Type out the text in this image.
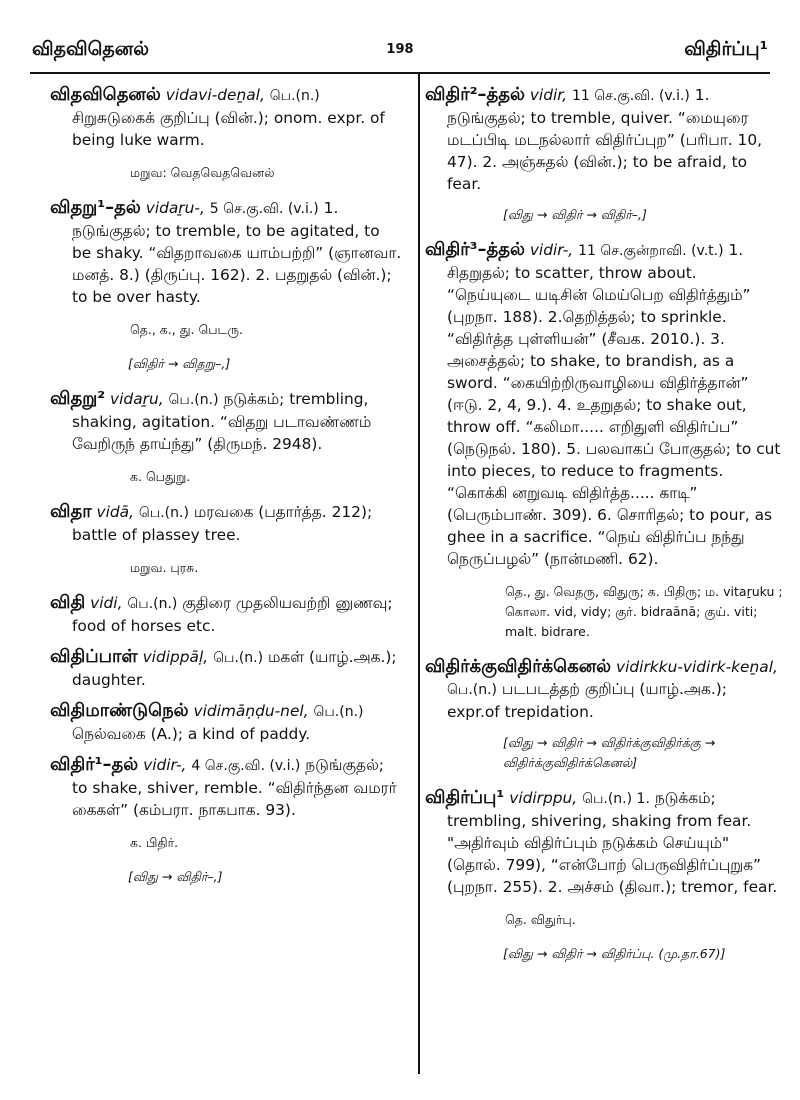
விதவிதெனல்	198	விதிர்ப்பு¹
விதவிதெனல் vidavi-deṉal, பெ.(n.) சிறுசுடுகைக் குறிப்பு (வின்.); onom. expr. of being luke warm.
மறுவ: வெதவெதவெனல்
விதறு¹–தல் vidaṟu-, 5 செ.கு.வி. (v.i.) 1. நடுங்குதல்; to tremble, to be agitated, to be shaky. “விதறாவகை யாம்பற்றி” (ஞானவா. மனத். 8.) (திருப்பு. 162). 2. பதறுதல் (வின்.); to be over hasty.
தெ., க., து. பெடரு.
[விதிர் → விதறு–,]
விதறு² vidaṟu, பெ.(n.) நடுக்கம்; trembling, shaking, agitation. “விதறு படாவண்ணம் வேறிருந் தாய்ந்து” (திருமந். 2948).
க. பெதுறு.
விதா vidā, பெ.(n.) மரவகை (பதார்த்த. 212); battle of plassey tree.
மறுவ. புரசு.
விதி vidi, பெ.(n.) குதிரை முதலியவற்றி னுணவு; food of horses etc.
விதிப்பாள் vidippāḷ, பெ.(n.) மகள் (யாழ்.அக.); daughter.
விதிமாண்டுநெல் vidimāṇḍu-nel, பெ.(n.) நெல்வகை (A.); a kind of paddy.
விதிர்¹–தல் vidir-, 4 செ.கு.வி. (v.i.) நடுங்குதல்; to shake, shiver, remble. “விதிர்ந்தன வமரர் கைகள்” (கம்பரா. நாகபாக. 93).
க. பிதிர்.
[விது → விதிர்–,]
விதிர்²–த்தல் vidir, 11 செ.கு.வி. (v.i.) 1. நடுங்குதல்; to tremble, quiver. “மையுரை மடப்பிடி மடநல்லார் விதிர்ப்புற” (பரிபா. 10, 47). 2. அஞ்சுதல் (வின்.); to be afraid, to fear.
[விது → விதிர் → விதிர்–,]
விதிர்³–த்தல் vidir-, 11 செ.குன்றாவி. (v.t.) 1. சிதறுதல்; to scatter, throw about. “நெய்யுடை யடிசின் மெய்பெற விதிர்த்தும்” (புறநா. 188). 2.தெறித்தல்; to sprinkle. “விதிர்த்த புள்ளியன்” (சீவக. 2010.). 3. அசைத்தல்; to shake, to brandish, as a sword. “கையிற்றிருவாழியை விதிர்த்தான்” (ஈடு. 2, 4, 9.). 4. உதறுதல்; to shake out, throw off. “கலிமா..... எறிதுளி விதிர்ப்ப” (நெடுநல். 180). 5. பலவாகப் போகுதல்; to cut into pieces, to reduce to fragments. “கொக்கி னறுவடி விதிர்த்த..... காடி” (பெரும்பாண். 309). 6. சொரிதல்; to pour, as ghee in a sacrifice. “நெய் விதிர்ப்ப நந்து நெருப்பழல்” (நான்மணி. 62).
தெ., து. வெதரு, விதுரு; க. பிதிரு; ம. vitaṟuku ; கொலா. vid, vidy; குர். bidraānā; குய். viti; malt. bidrare.
விதிர்க்குவிதிர்க்கெனல் vidirkku-vidirk-keṉal, பெ.(n.) படபடத்தற் குறிப்பு (யாழ்.அக.); expr.of trepidation.
[விது → விதிர் → விதிர்க்குவிதிர்க்கு → விதிர்க்குவிதிர்க்கெனல்]
விதிர்ப்பு¹ vidirppu, பெ.(n.) 1. நடுக்கம்; trembling, shivering, shaking from fear. "அதிர்வும் விதிர்ப்பும் நடுக்கம் செய்யும்" (தொல். 799), “என்போற் பெருவிதிர்ப்புறுக” (புறநா. 255). 2. அச்சம் (திவா.); tremor, fear.
தெ. விதுர்பு.
[விது → விதிர் → விதிர்ப்பு. (மு.தா.67)]
